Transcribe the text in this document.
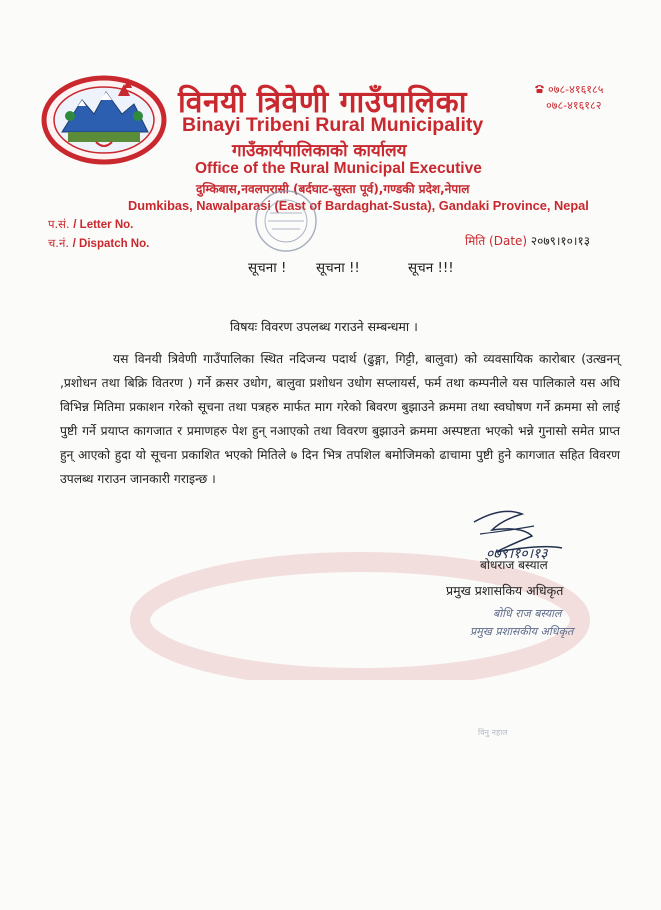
विनयी त्रिवेणी गाउँपालिका
Binayi Tribeni Rural Municipality
गाउँकार्यपालिकाको कार्यालय
Office of the Rural Municipal Executive
दुम्किबास,नवलपरासी (बर्दघाट-सुस्ता पूर्व),गण्डकी प्रदेश,नेपाल
Dumkibas, Nawalparasi (East of Bardaghat-Susta), Gandaki Province, Nepal
०७८-४१६१८५
०७८-४१६१८२
प.सं. / Letter No.
च.नं. / Dispatch No.	मिति (Date) २०७९।१०।१३
सूचना ! सूचना !!	सूचन !!!
विषयः विवरण उपलब्ध गराउने सम्बन्धमा ।
यस विनयी त्रिवेणी गाउँपालिका स्थित नदिजन्य पदार्थ (ढुङ्गा, गिट्टी, बालुवा) को व्यवसायिक कारोबार (उत्खनन् ,प्रशोधन तथा बिक्रि वितरण ) गर्ने क्रसर उधोग, बालुवा प्रशोधन उधोग सप्लायर्स, फर्म तथा कम्पनीले यस पालिकाले यस अघि विभिन्न मितिमा प्रकाशन गरेको सूचना तथा पत्रहरु मार्फत माग गरेको बिवरण बुझाउने क्रममा तथा स्वघोषण गर्ने क्रममा सो लाई पुष्टी गर्ने प्रयाप्त कागजात र प्रमाणहरु पेश हुन् नआएको तथा विवरण बुझाउने क्रममा अस्पष्टता भएको भन्ने गुनासो समेत प्राप्त हुन् आएको हुदा यो सूचना प्रकाशित भएको मितिले ७ दिन भित्र तपशिल बमोजिमको ढाचामा पुष्टी हुने कागजात सहित विवरण उपलब्ध गराउन जानकारी गराइन्छ ।
०७९।१०।१३
बोधराज बस्याल
प्रमुख प्रशासकिय अधिकृत
बोधि राज बस्याल
प्रमुख प्रशासकीय अधिकृत
विनु नहाल
